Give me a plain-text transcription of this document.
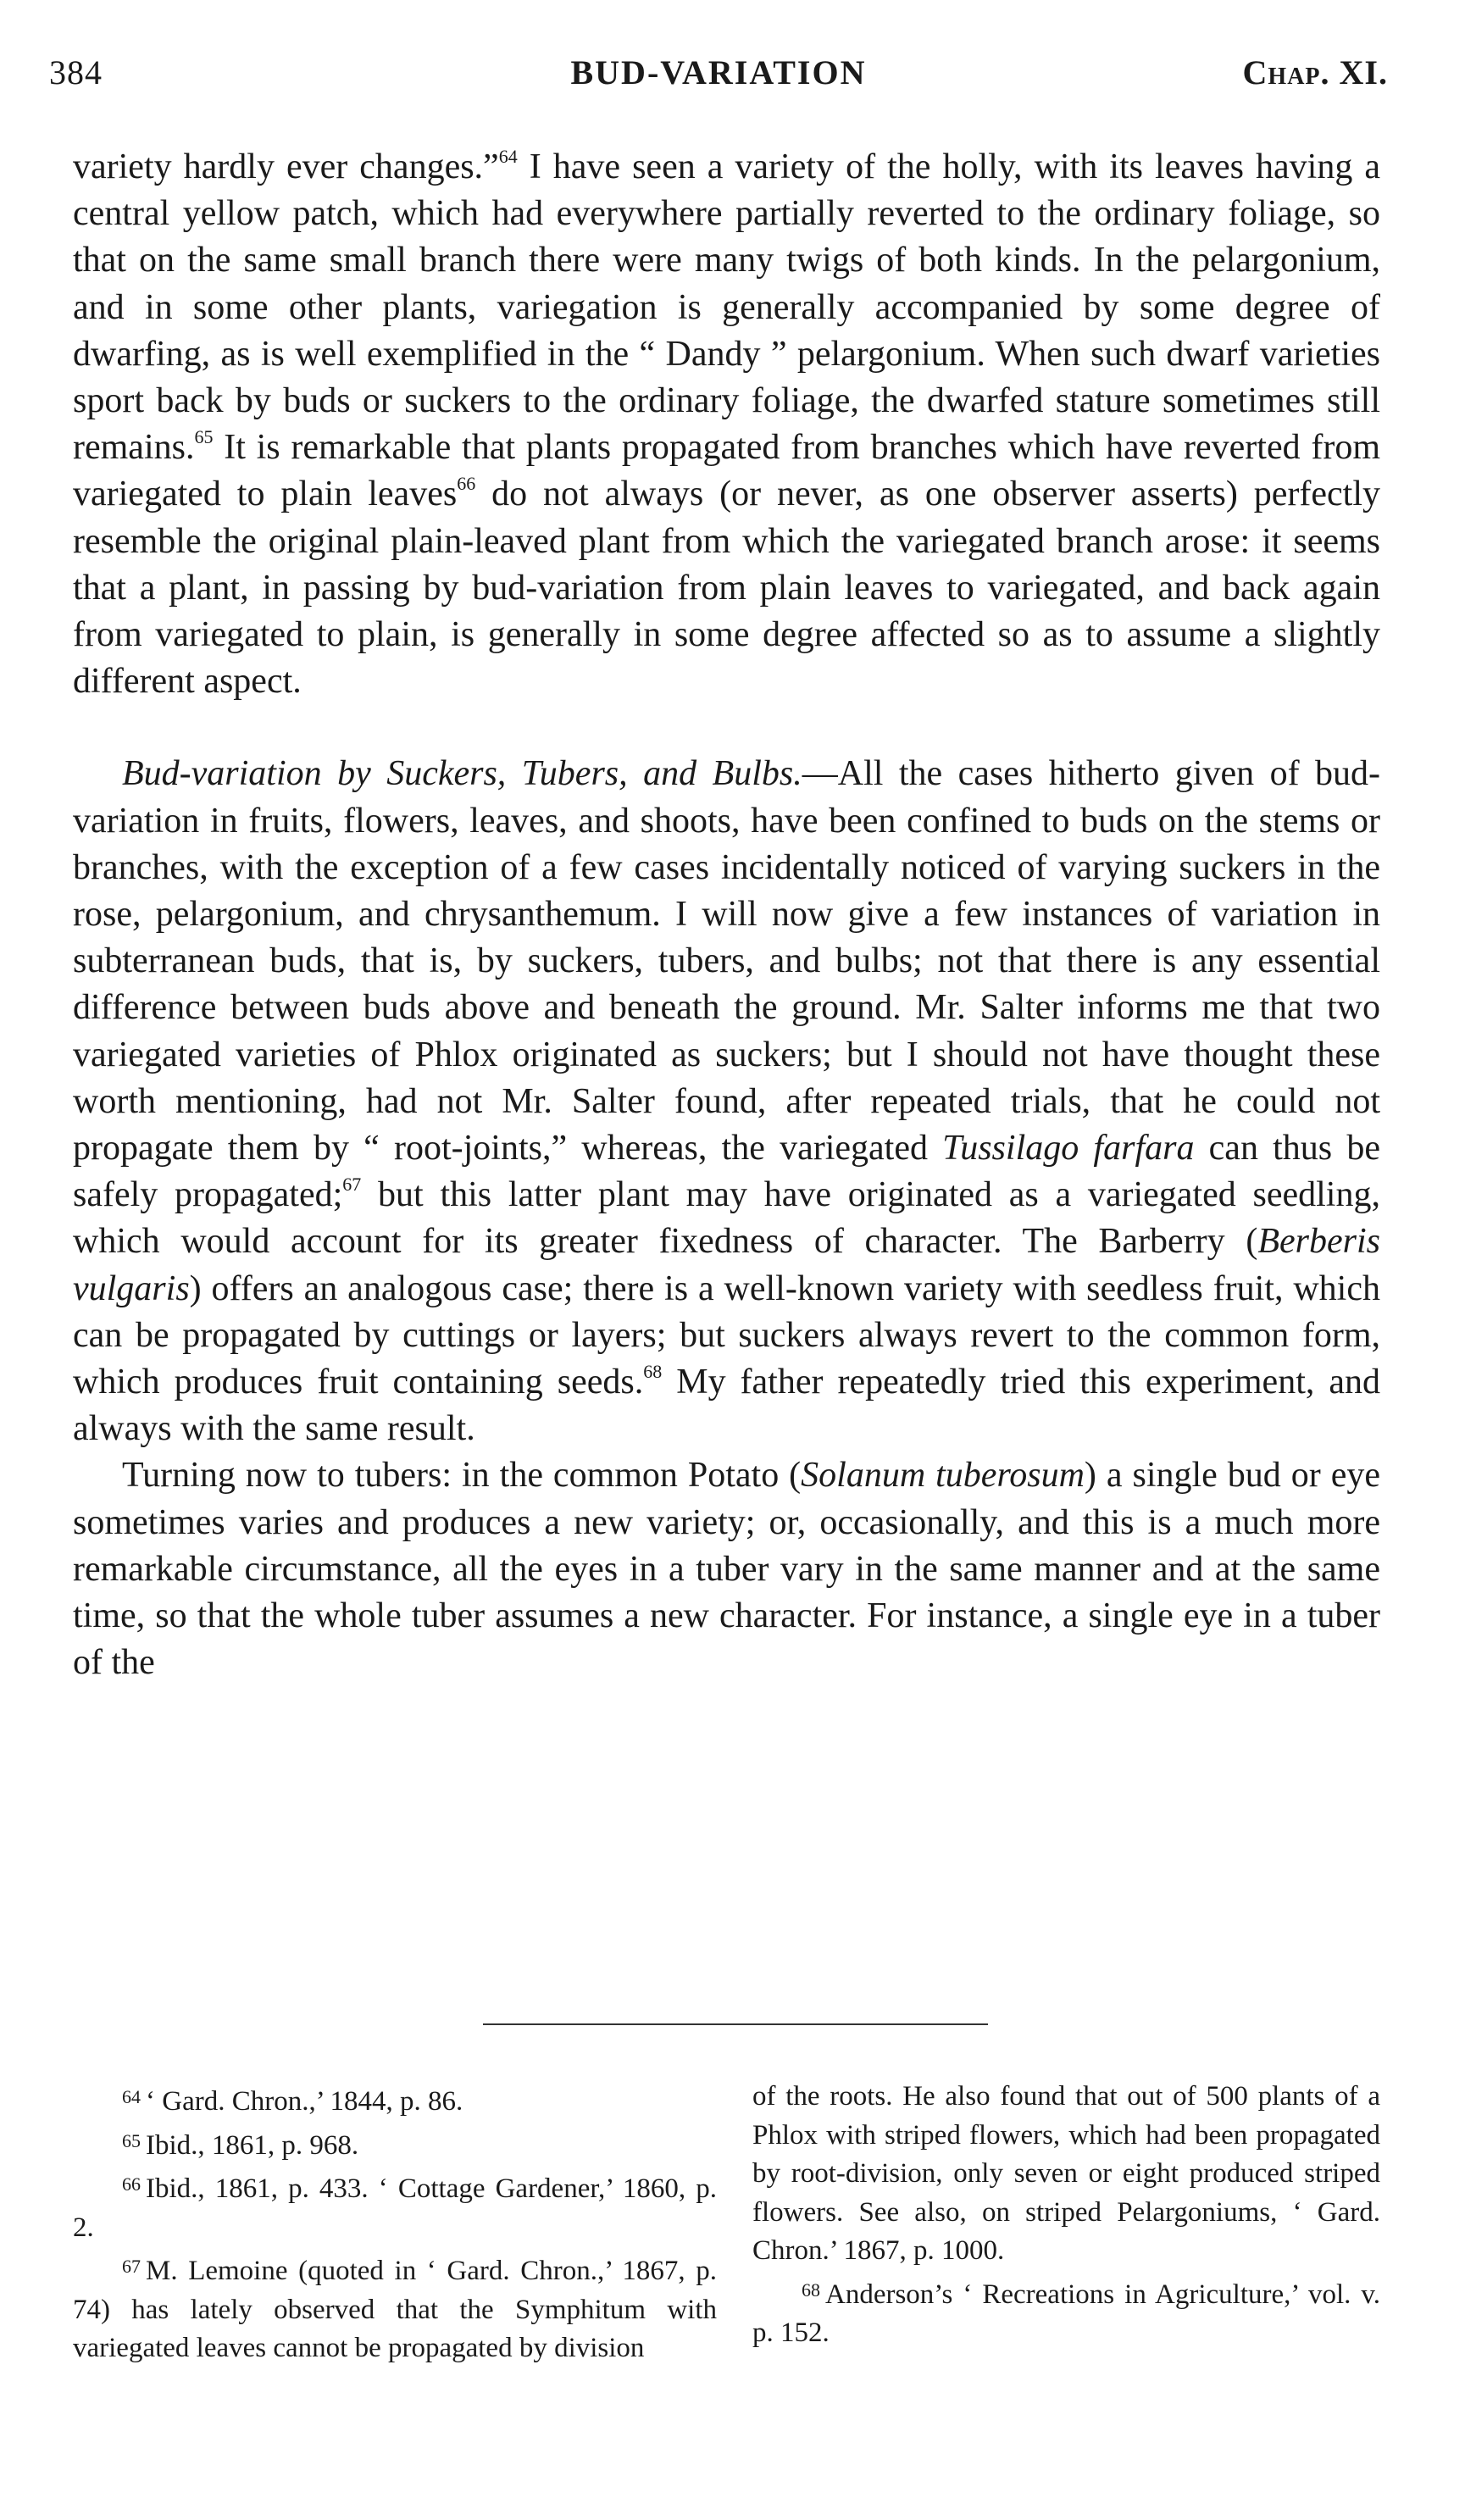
384	BUD-VARIATION	Chap. XI.

variety hardly ever changes.”$^{64}$ I have seen a variety of the holly, with its leaves having a central yellow patch, which had everywhere partially reverted to the ordinary foliage, so that on the same small branch there were many twigs of both kinds. In the pelargonium, and in some other plants, variegation is generally accompanied by some degree of dwarfing, as is well exemplified in the “ Dandy ” pelargonium. When such dwarf varieties sport back by buds or suckers to the ordinary foliage, the dwarfed stature sometimes still remains.$^{65}$ It is remarkable that plants propagated from branches which have reverted from variegated to plain leaves$^{66}$ do not always (or never, as one observer asserts) perfectly resemble the original plain-leaved plant from which the variegated branch arose: it seems that a plant, in passing by bud-variation from plain leaves to variegated, and back again from variegated to plain, is generally in some degree affected so as to assume a slightly different aspect.

Bud-variation by Suckers, Tubers, and Bulbs.—All the cases hitherto given of bud-variation in fruits, flowers, leaves, and shoots, have been confined to buds on the stems or branches, with the exception of a few cases incidentally noticed of varying suckers in the rose, pelargonium, and chrysanthemum. I will now give a few instances of variation in subterranean buds, that is, by suckers, tubers, and bulbs; not that there is any essential difference between buds above and beneath the ground. Mr. Salter informs me that two variegated varieties of Phlox originated as suckers; but I should not have thought these worth mentioning, had not Mr. Salter found, after repeated trials, that he could not propagate them by “ root-joints,” whereas, the variegated Tussilago farfara can thus be safely propagated;$^{67}$ but this latter plant may have originated as a variegated seedling, which would account for its greater fixedness of character. The Barberry (Berberis vulgaris) offers an analogous case; there is a well-known variety with seedless fruit, which can be propagated by cuttings or layers; but suckers always revert to the common form, which produces fruit containing seeds.$^{68}$ My father repeatedly tried this experiment, and always with the same result.

Turning now to tubers: in the common Potato (Solanum tuberosum) a single bud or eye sometimes varies and produces a new variety; or, occasionally, and this is a much more remarkable circumstance, all the eyes in a tuber vary in the same manner and at the same time, so that the whole tuber assumes a new character. For instance, a single eye in a tuber of the

$^{64}$ ‘ Gard. Chron.,’ 1844, p. 86.

$^{65}$ Ibid., 1861, p. 968.

$^{66}$ Ibid., 1861, p. 433. ‘ Cottage Gardener,’ 1860, p. 2.

$^{67}$ M. Lemoine (quoted in ‘ Gard. Chron.,’ 1867, p. 74) has lately observed that the Symphitum with variegated leaves cannot be propagated by division

of the roots. He also found that out of 500 plants of a Phlox with striped flowers, which had been propagated by root-division, only seven or eight produced striped flowers. See also, on striped Pelargoniums, ‘ Gard. Chron.’ 1867, p. 1000.

$^{68}$ Anderson’s ‘ Recreations in Agriculture,’ vol. v. p. 152.
